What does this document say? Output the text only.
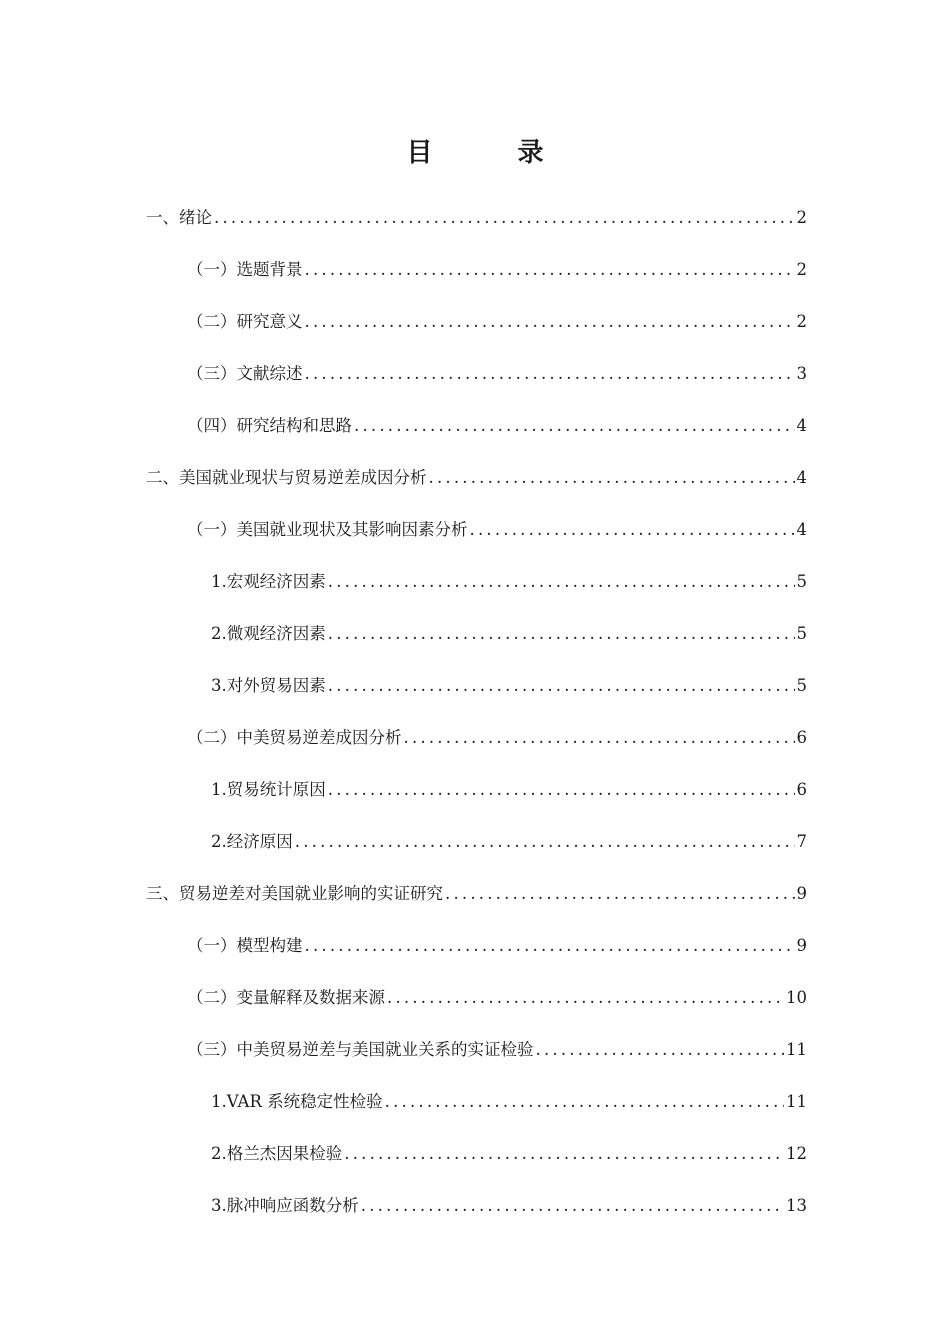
目 录
一、绪论 .....	2
（一）选题背景 .....	2
（二）研究意义 .....	2
（三）文献综述 .....	3
（四）研究结构和思路 .....	4
二、美国就业现状与贸易逆差成因分析 .....	4
（一）美国就业现状及其影响因素分析 .....	4
1.宏观经济因素 .....	5
2.微观经济因素 .....	5
3.对外贸易因素 .....	5
（二）中美贸易逆差成因分析 .....	6
1.贸易统计原因 .....	6
2.经济原因 .....	7
三、贸易逆差对美国就业影响的实证研究 .....	9
（一）模型构建 .....	9
（二）变量解释及数据来源 .....	10
（三）中美贸易逆差与美国就业关系的实证检验 .....	11
1.VAR 系统稳定性检验 .....	11
2.格兰杰因果检验 .....	12
3.脉冲响应函数分析 .....	13
